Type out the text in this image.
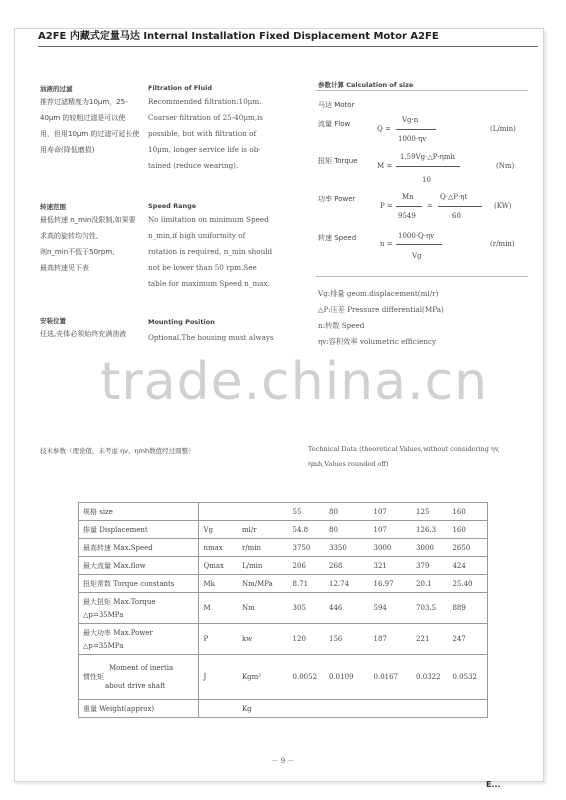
A2FE 内藏式定量马达 Internal Installation Fixed Displacement Motor A2FE
油液的过滤
推荐过滤精度为10μm，25-
40μm 的较粗过滤是可以使
用，但用10μm 的过滤可延长使
用寿命(降低磨损)
Filtration of Fluid
Recommended filtration:10μm.
Coarser filtration of 25-40μm,is
possible, but with filtration of
10μm, longer service life is ob-
tained (reduce wearing).
转速范围
最低转速 n_min没限制,如果要
求高的旋转均匀性,
则n_min不低于50rpm,
最高转速见下表
Speed Range
No limitation on minimum Speed
n_min,if high uniformity of
rotation is required, n_min should
not be lower than 50 rpm.See
table for maximum Speed n_max.
安装位置
任选,壳体必须始终充满油液
Mounting Position
Optional.The housing must always
参数计算 Calculation of size
马达 Motor
流量 Flow
Q =
Vg·n
1000·ηv
(L/min)
扭矩 Torque
M =
1.59Vg·△P·ηmh
10
(Nm)
功率 Power
P =
Mn
9549
=
Q·△P·ηt
60
(KW)
转速 Speed
n =
1000·Q·ηv
Vg
(r/min)
Vg:排量 geom.displacement(ml/r)
△P:压差 Pressure differential(MPa)
n:转数 Speed
ηv:容积效率 volumetric efficiency
trade.china.cn
技术参数（理论值，未考虑 ηv、ηmh数值经过圆整）	Technical Data (theoretical Values,without considering ηv,
ηmh,Values rounded off)
规格 size			55	80	107	125	160
排量 Displacement	Vg	ml/r	54.8	80	107	126.3	160
最高转速 Max.Speed	nmax	r/min	3750	3350	3000	3000	2650
最大流量 Max.flow	Qmax	L/min	206	268	321	379	424
扭矩常数 Torque constants	Mk	Nm/MPa	8.71	12.74	16.97	20.1	25.40

最大扭矩 Max.Torque
△p=35MPa	M	Nm	305	446	594	703.5	889

最大功率 Max.Power
△p=35MPa	P	kw	120	156	187	221	247

Moment of inertia
惯性矩
about drive shaft	J	Kgm²	0.0052	0.0109	0.0167	0.0322	0.0532
重量 Weight(approx)		Kg					
－ 9 －
E...
